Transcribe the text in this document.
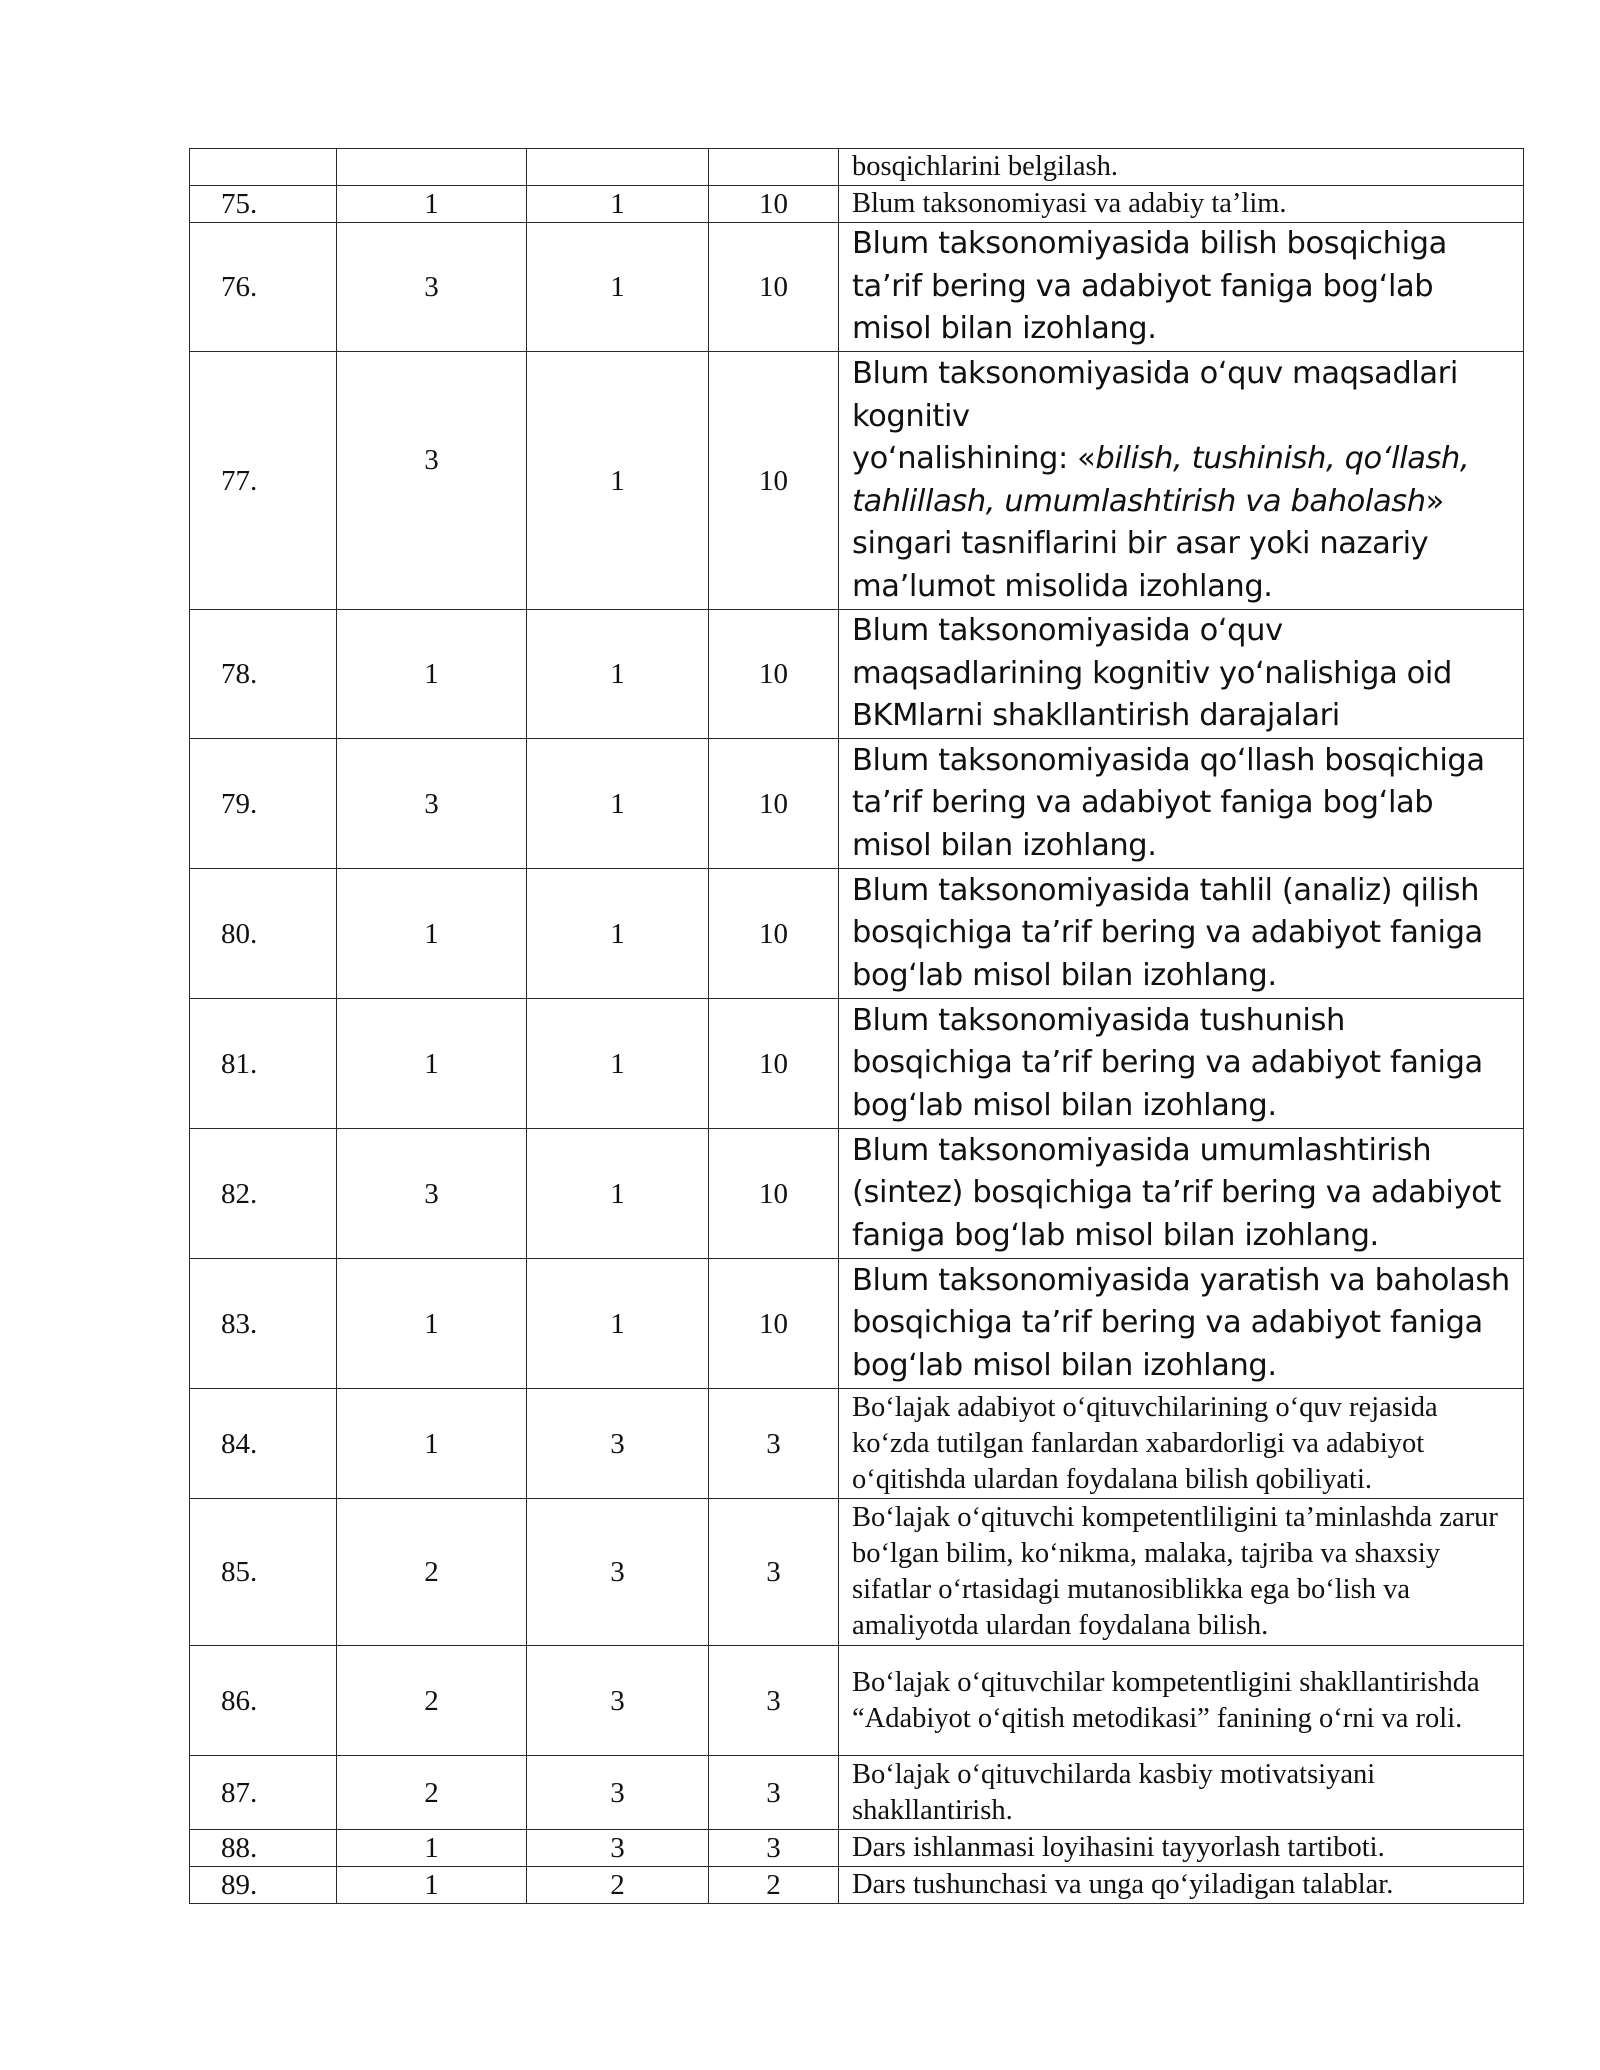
				bosqichlarini belgilash.
75.	1	1	10	Blum taksonomiyasi va adabiy ta’lim.
76.	3	1	10	Blum taksonomiyasida bilish bosqichiga ta’rif bering va adabiyot faniga bog‘lab misol bilan izohlang.
77.	3	1	10	Blum taksonomiyasida o‘quv maqsadlari kognitiv
yo‘nalishining: «bilish, tushinish, qo‘llash, tahlillash, umumlashtirish va baholash»
singari tasniflarini bir asar yoki nazariy ma’lumot misolida izohlang.

78.	1	1	10	Blum taksonomiyasida o‘quv maqsadlarining kognitiv yo‘nalishiga oid BKMlarni shakllantirish darajalari
79.	3	1	10	Blum taksonomiyasida qo‘llash bosqichiga ta’rif bering va adabiyot faniga bog‘lab misol bilan izohlang.
80.	1	1	10	Blum taksonomiyasida tahlil (analiz) qilish bosqichiga ta’rif bering va adabiyot faniga bog‘lab misol bilan izohlang.
81.	1	1	10	Blum taksonomiyasida tushunish bosqichiga ta’rif bering va adabiyot faniga bog‘lab misol bilan izohlang.
82.	3	1	10	Blum taksonomiyasida umumlashtirish (sintez) bosqichiga ta’rif bering va adabiyot faniga bog‘lab misol bilan izohlang.
83.	1	1	10	Blum taksonomiyasida yaratish va baholash bosqichiga ta’rif bering va adabiyot faniga bog‘lab misol bilan izohlang.
84.	1	3	3	Bo‘lajak adabiyot o‘qituvchilarining o‘quv rejasida ko‘zda tutilgan fanlardan xabardorligi va adabiyot o‘qitishda ulardan foydalana bilish qobiliyati.
85.	2	3	3	Bo‘lajak o‘qituvchi kompetentliligini ta’minlashda zarur bo‘lgan bilim, ko‘nikma, malaka, tajriba va shaxsiy sifatlar o‘rtasidagi mutanosiblikka ega bo‘lish va amaliyotda ulardan foydalana bilish.
86.	2	3	3	Bo‘lajak o‘qituvchilar kompetentligini shakllantirishda “Adabiyot o‘qitish metodikasi” fanining o‘rni va roli.
87.	2	3	3	Bo‘lajak o‘qituvchilarda kasbiy motivatsiyani shakllantirish.
88.	1	3	3	Dars ishlanmasi loyihasini tayyorlash tartiboti.
89.	1	2	2	Dars tushunchasi va unga qo‘yiladigan talablar.
